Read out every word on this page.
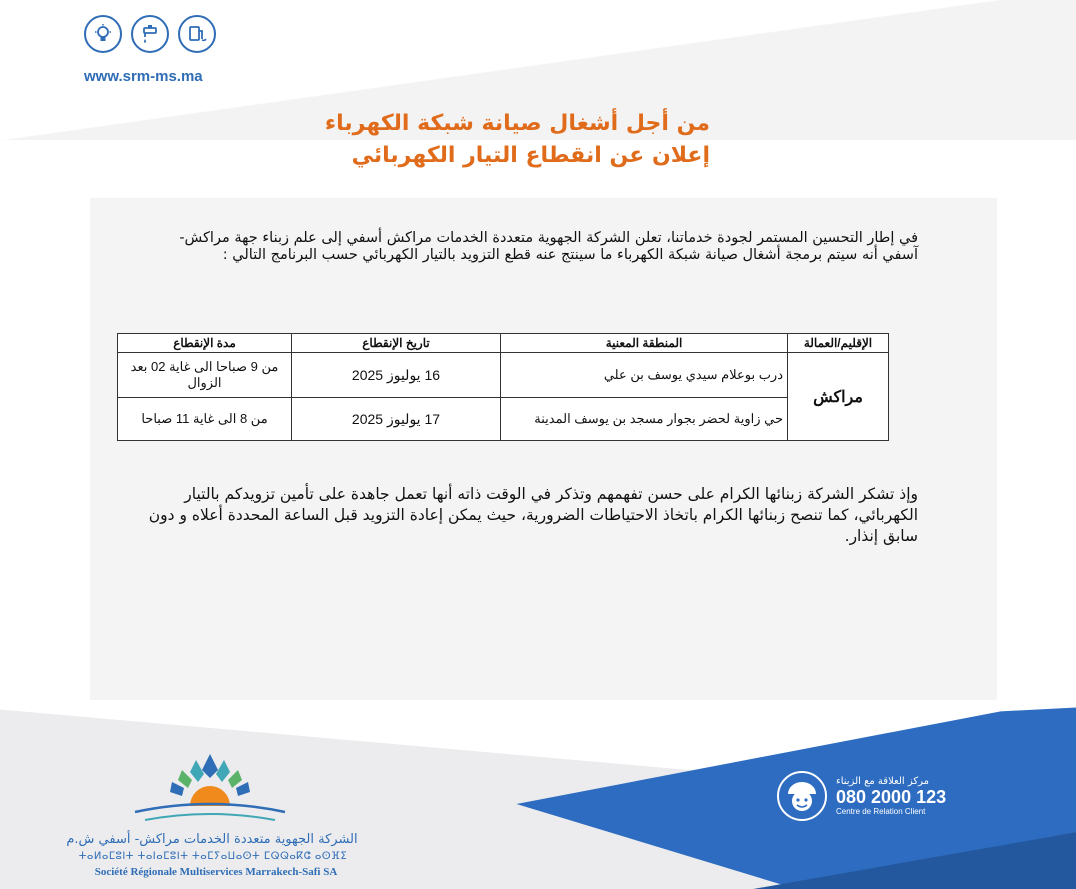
www.srm-ms.ma
من أجل أشغال صيانة شبكة الكهرباء
إعلان عن انقطاع التيار الكهربائي
في إطار التحسين المستمر لجودة خدماتنا، تعلن الشركة الجهوية متعددة الخدمات مراكش أسفي إلى علم زبناء جهة مراكش- آسفي أنه سيتم برمجة أشغال صيانة شبكة الكهرباء ما سينتج عنه قطع التزويد بالتيار الكهربائي حسب البرنامج التالي :
الإقليم/العمالة	المنطقة المعنية	تاريخ الإنقطاع	مدة الإنقطاع
مراكش	درب بوعلام سيدي يوسف بن علي	16 يوليوز 2025	من 9 صباحا الى غاية 02 بعد الزوال
	حي زاوية لحضر بجوار مسجد بن يوسف المدينة	17 يوليوز 2025	من 8 الى غاية 11 صباحا
وإذ تشكر الشركة زبنائها الكرام على حسن تفهمهم وتذكر في الوقت ذاته أنها تعمل جاهدة على تأمين تزويدكم بالتيار الكهربائي، كما تنصح زبنائها الكرام باتخاذ الاحتياطات الضرورية، حيث يمكن إعادة التزويد قبل الساعة المحددة أعلاه و دون سابق إنذار.
الشركة الجهوية متعددة الخدمات مراكش- أسفي ش.م
ⵜⴰⵍⴰⵎⵓⵏⵜ ⵜⴰⵏⴰⵎⵓⵏⵜ ⵜⴰⵎⵢⴰⵡⴰⵙⵜ ⵎⵕⵕⴰⴽⵛ ⴰⵙⴼⵉ
Société Régionale Multiservices Marrakech-Safi SA
مركز العلاقة مع الزبناء
080 2000 123
Centre de Relation Client
